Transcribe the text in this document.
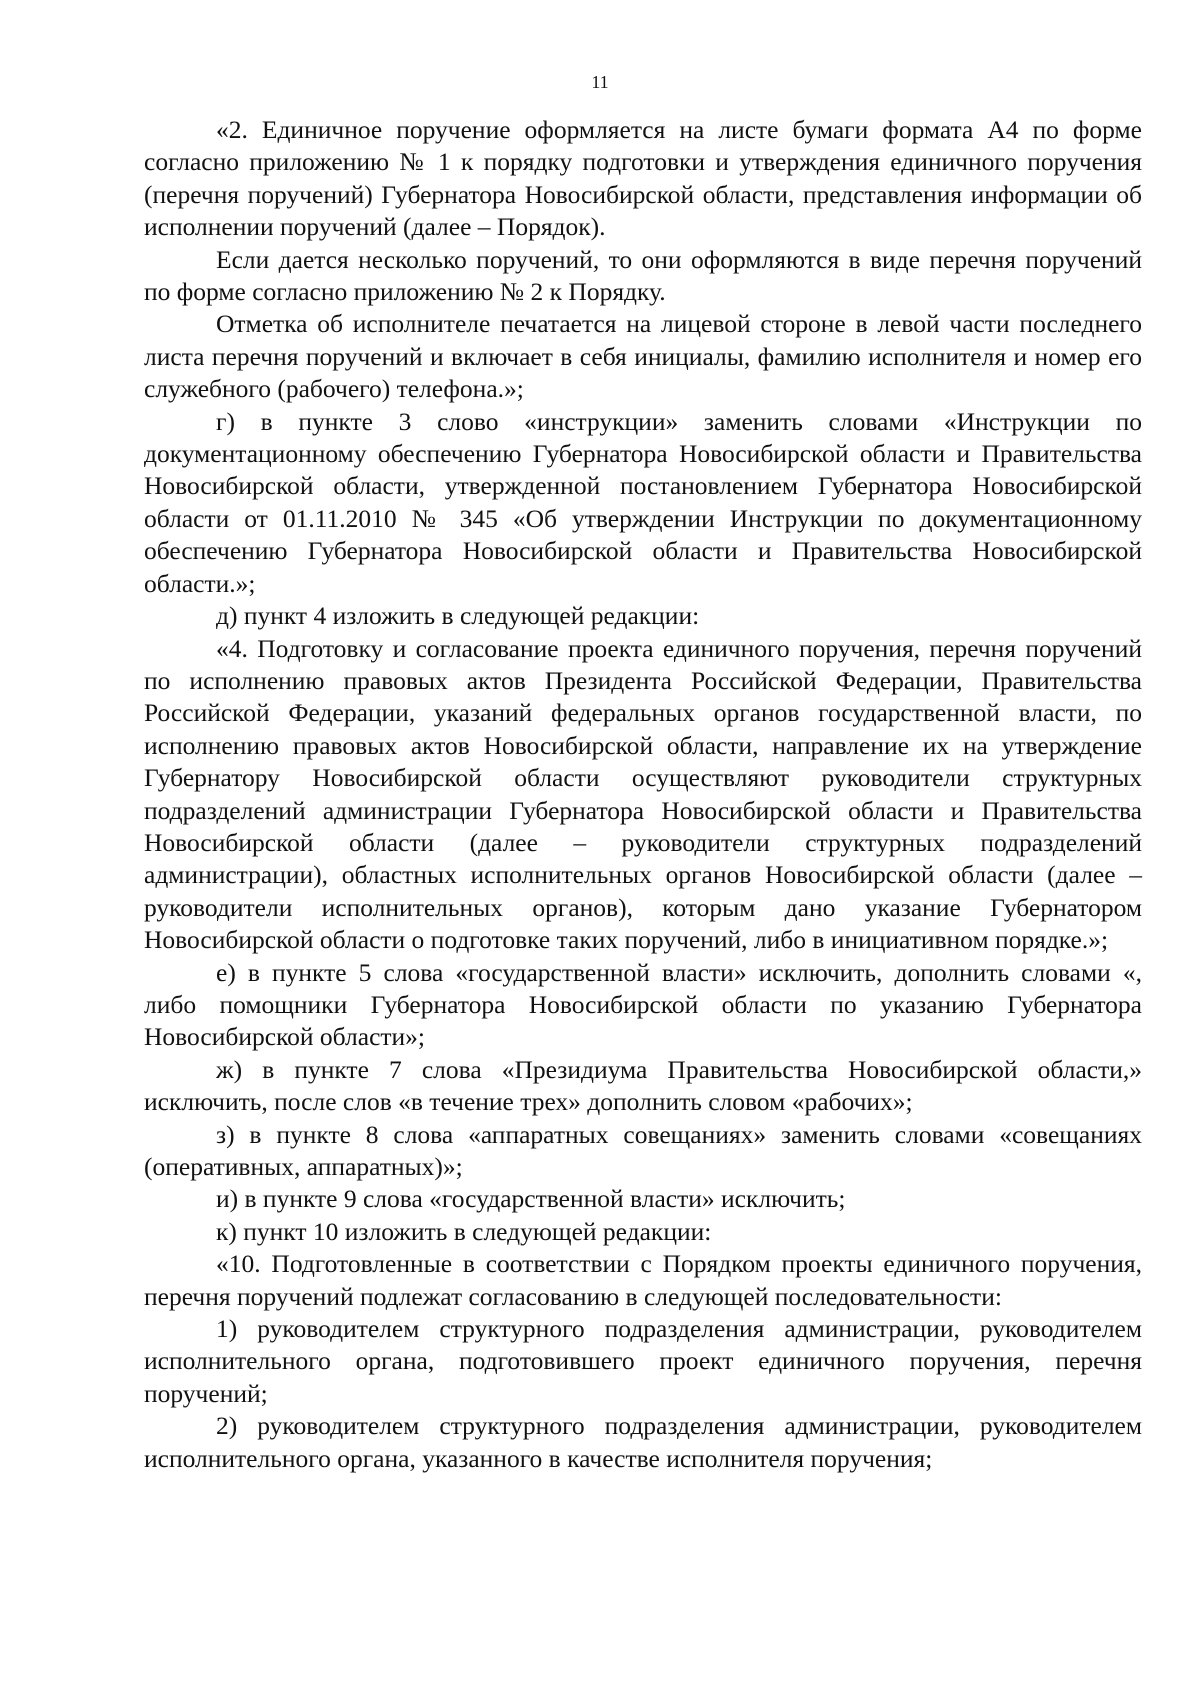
11

«2. Единичное поручение оформляется на листе бумаги формата А4 по форме согласно приложению № 1 к порядку подготовки и утверждения единичного поручения (перечня поручений) Губернатора Новосибирской области, представления информации об исполнении поручений (далее – Порядок).

Если дается несколько поручений, то они оформляются в виде перечня поручений по форме согласно приложению № 2 к Порядку.

Отметка об исполнителе печатается на лицевой стороне в левой части последнего листа перечня поручений и включает в себя инициалы, фамилию исполнителя и номер его служебного (рабочего) телефона.»;

г) в пункте 3 слово «инструкции» заменить словами «Инструкции по документационному обеспечению Губернатора Новосибирской области и Правительства Новосибирской области, утвержденной постановлением Губернатора Новосибирской области от 01.11.2010 № 345 «Об утверждении Инструкции по документационному обеспечению Губернатора Новосибирской области и Правительства Новосибирской области.»;

д) пункт 4 изложить в следующей редакции:

«4. Подготовку и согласование проекта единичного поручения, перечня поручений по исполнению правовых актов Президента Российской Федерации, Правительства Российской Федерации, указаний федеральных органов государственной власти, по исполнению правовых актов Новосибирской области, направление их на утверждение Губернатору Новосибирской области осуществляют руководители структурных подразделений администрации Губернатора Новосибирской области и Правительства Новосибирской области (далее – руководители структурных подразделений администрации), областных исполнительных органов Новосибирской области (далее – руководители исполнительных органов), которым дано указание Губернатором Новосибирской области о подготовке таких поручений, либо в инициативном порядке.»;

е) в пункте 5 слова «государственной власти» исключить, дополнить словами «, либо помощники Губернатора Новосибирской области по указанию Губернатора Новосибирской области»;

ж) в пункте 7 слова «Президиума Правительства Новосибирской области,» исключить, после слов «в течение трех» дополнить словом «рабочих»;

з) в пункте 8 слова «аппаратных совещаниях» заменить словами «совещаниях (оперативных, аппаратных)»;

и) в пункте 9 слова «государственной власти» исключить;

к) пункт 10 изложить в следующей редакции:

«10. Подготовленные в соответствии с Порядком проекты единичного поручения, перечня поручений подлежат согласованию в следующей последовательности:

1) руководителем структурного подразделения администрации, руководителем исполнительного органа, подготовившего проект единичного поручения, перечня поручений;

2) руководителем структурного подразделения администрации, руководителем исполнительного органа, указанного в качестве исполнителя поручения;
